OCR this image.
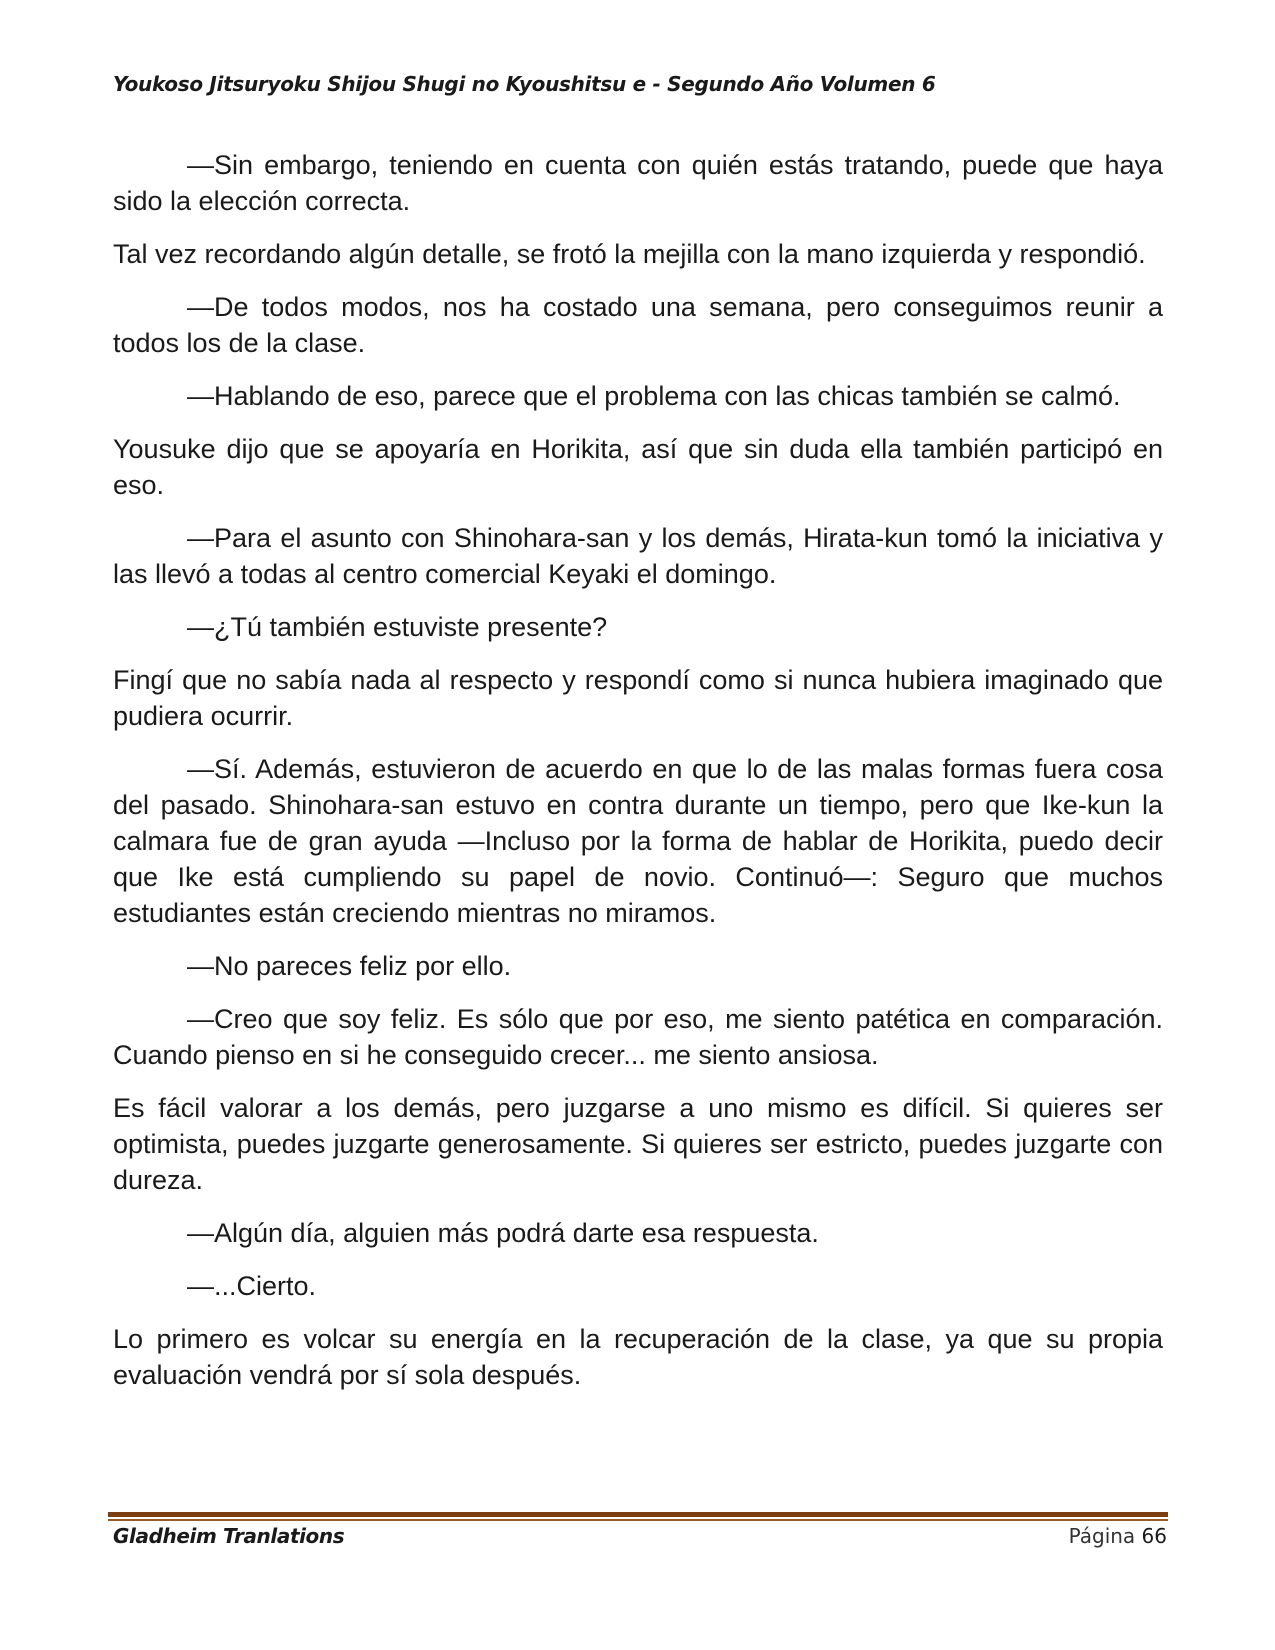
Youkoso Jitsuryoku Shijou Shugi no Kyoushitsu e - Segundo Año Volumen 6

—Sin embargo, teniendo en cuenta con quién estás tratando, puede que haya sido la elección correcta.

Tal vez recordando algún detalle, se frotó la mejilla con la mano izquierda y respondió.

—De todos modos, nos ha costado una semana, pero conseguimos reunir a todos los de la clase.

—Hablando de eso, parece que el problema con las chicas también se calmó.

Yousuke dijo que se apoyaría en Horikita, así que sin duda ella también participó en eso.

—Para el asunto con Shinohara-san y los demás, Hirata-kun tomó la iniciativa y las llevó a todas al centro comercial Keyaki el domingo.

—¿Tú también estuviste presente?

Fingí que no sabía nada al respecto y respondí como si nunca hubiera imaginado que pudiera ocurrir.

—Sí. Además, estuvieron de acuerdo en que lo de las malas formas fuera cosa del pasado. Shinohara-san estuvo en contra durante un tiempo, pero que Ike-kun la calmara fue de gran ayuda —Incluso por la forma de hablar de Horikita, puedo decir que Ike está cumpliendo su papel de novio. Continuó—: Seguro que muchos estudiantes están creciendo mientras no miramos.

—No pareces feliz por ello.

—Creo que soy feliz. Es sólo que por eso, me siento patética en comparación. Cuando pienso en si he conseguido crecer... me siento ansiosa.

Es fácil valorar a los demás, pero juzgarse a uno mismo es difícil. Si quieres ser optimista, puedes juzgarte generosamente. Si quieres ser estricto, puedes juzgarte con dureza.

—Algún día, alguien más podrá darte esa respuesta.

—...Cierto.

Lo primero es volcar su energía en la recuperación de la clase, ya que su propia evaluación vendrá por sí sola después.

Gladheim Tranlations	Página 66
